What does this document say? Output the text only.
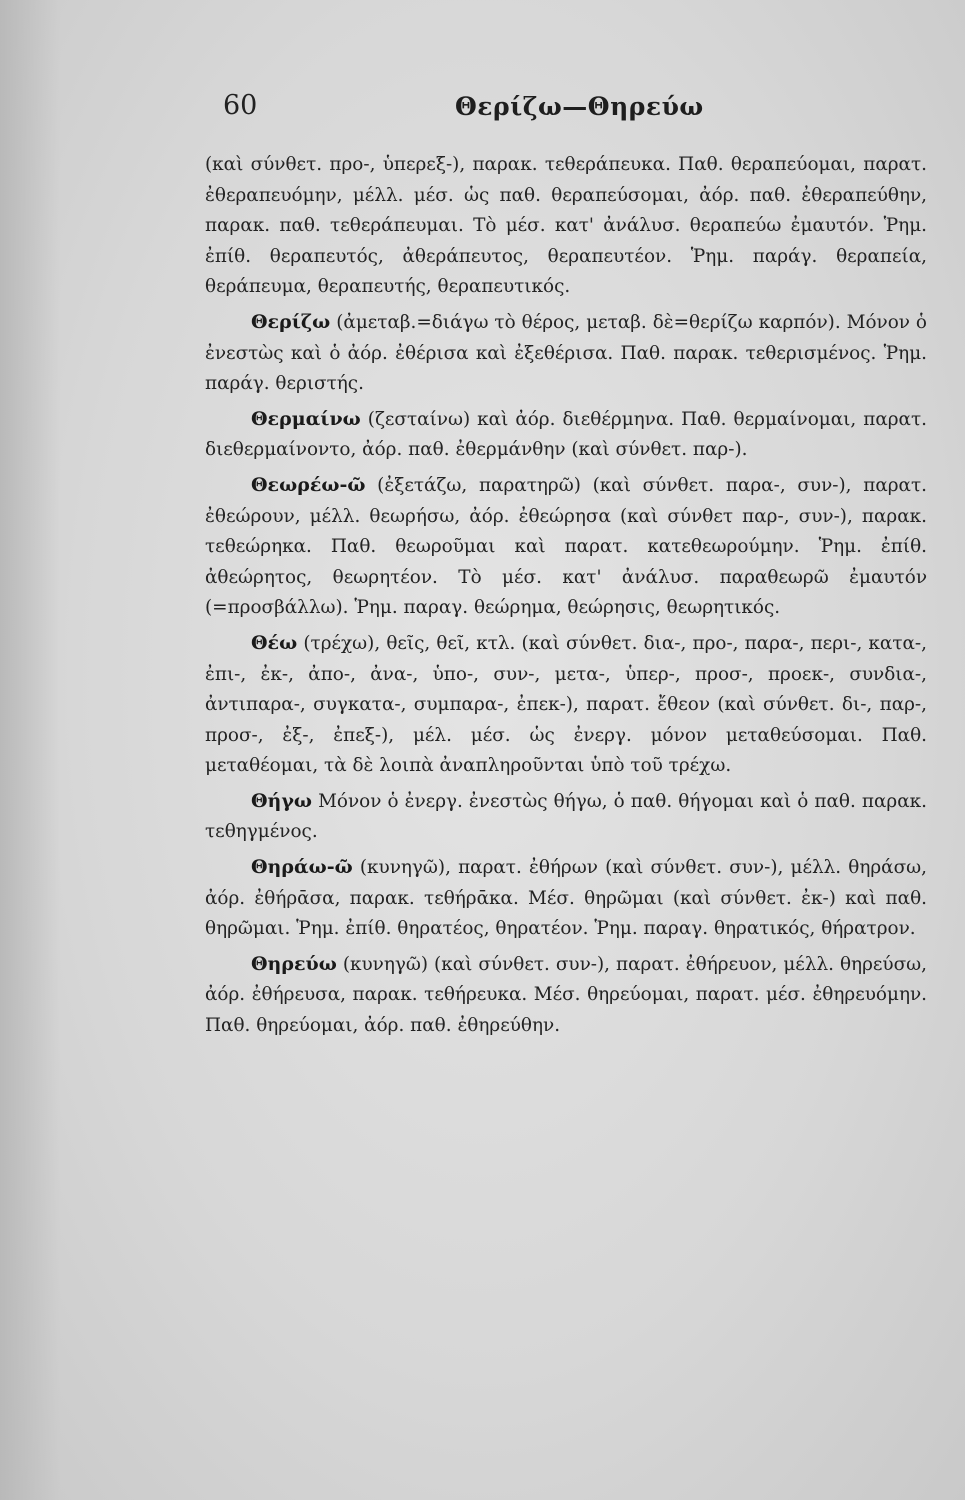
60	Θερίζω—Θηρεύω

(καὶ σύνθετ. προ-, ὑπερεξ-), παρακ. τεθεράπευκα. Παθ. θεραπεύομαι, παρατ. ἐθεραπευόμην, μέλλ. μέσ. ὡς παθ. θεραπεύσομαι, ἀόρ. παθ. ἐθεραπεύθην, παρακ. παθ. τεθεράπευμαι. Τὸ μέσ. κατ' ἀνάλυσ. θεραπεύω ἐμαυτόν. Ῥημ. ἐπίθ. θεραπευτός, ἀθεράπευτος, θεραπευτέον. Ῥημ. παράγ. θεραπεία, θεράπευμα, θεραπευτής, θεραπευτικός.

Θερίζω (ἀμεταβ.=διάγω τὸ θέρος, μεταβ. δὲ=θερίζω καρπόν). Μόνον ὁ ἐνεστὼς καὶ ὁ ἀόρ. ἐθέρισα καὶ ἐξεθέρισα. Παθ. παρακ. τεθερισμένος. Ῥημ. παράγ. θεριστής.

Θερμαίνω (ζεσταίνω) καὶ ἀόρ. διεθέρμηνα. Παθ. θερμαίνομαι, παρατ. διεθερμαίνοντο, ἀόρ. παθ. ἐθερμάνθην (καὶ σύνθετ. παρ-).

Θεωρέω-ῶ (ἐξετάζω, παρατηρῶ) (καὶ σύνθετ. παρα-, συν-), παρατ. ἐθεώρουν, μέλλ. θεωρήσω, ἀόρ. ἐθεώρησα (καὶ σύνθετ παρ-, συν-), παρακ. τεθεώρηκα. Παθ. θεωροῦμαι καὶ παρατ. κατεθεωρούμην. Ῥημ. ἐπίθ. ἀθεώρητος, θεωρητέον. Τὸ μέσ. κατ' ἀνάλυσ. παραθεωρῶ ἐμαυτόν (=προσβάλλω). Ῥημ. παραγ. θεώρημα, θεώρησις, θεωρητικός.

Θέω (τρέχω), θεῖς, θεῖ, κτλ. (καὶ σύνθετ. δια-, προ-, παρα-, περι-, κατα-, ἐπι-, ἐκ-, ἀπο-, ἀνα-, ὑπο-, συν-, μετα-, ὑπερ-, προσ-, προεκ-, συνδια-, ἀντιπαρα-, συγκατα-, συμπαρα-, ἐπεκ-), παρατ. ἔθεον (καὶ σύνθετ. δι-, παρ-, προσ-, ἐξ-, ἐπεξ-), μέλ. μέσ. ὡς ἐνεργ. μόνον μεταθεύσομαι. Παθ. μεταθέομαι, τὰ δὲ λοιπὰ ἀναπληροῦνται ὑπὸ τοῦ τρέχω.

Θήγω Μόνον ὁ ἐνεργ. ἐνεστὼς θήγω, ὁ παθ. θήγομαι καὶ ὁ παθ. παρακ. τεθηγμένος.

Θηράω-ῶ (κυνηγῶ), παρατ. ἐθήρων (καὶ σύνθετ. συν-), μέλλ. θηράσω, ἀόρ. ἐθήρᾱσα, παρακ. τεθήρᾱκα. Μέσ. θηρῶμαι (καὶ σύνθετ. ἐκ-) καὶ παθ. θηρῶμαι. Ῥημ. ἐπίθ. θηρατέος, θηρατέον. Ῥημ. παραγ. θηρατικός, θήρατρον.

Θηρεύω (κυνηγῶ) (καὶ σύνθετ. συν-), παρατ. ἐθήρευον, μέλλ. θηρεύσω, ἀόρ. ἐθήρευσα, παρακ. τεθήρευκα. Μέσ. θηρεύομαι, παρατ. μέσ. ἐθηρευόμην. Παθ. θηρεύομαι, ἀόρ. παθ. ἐθηρεύθην.
